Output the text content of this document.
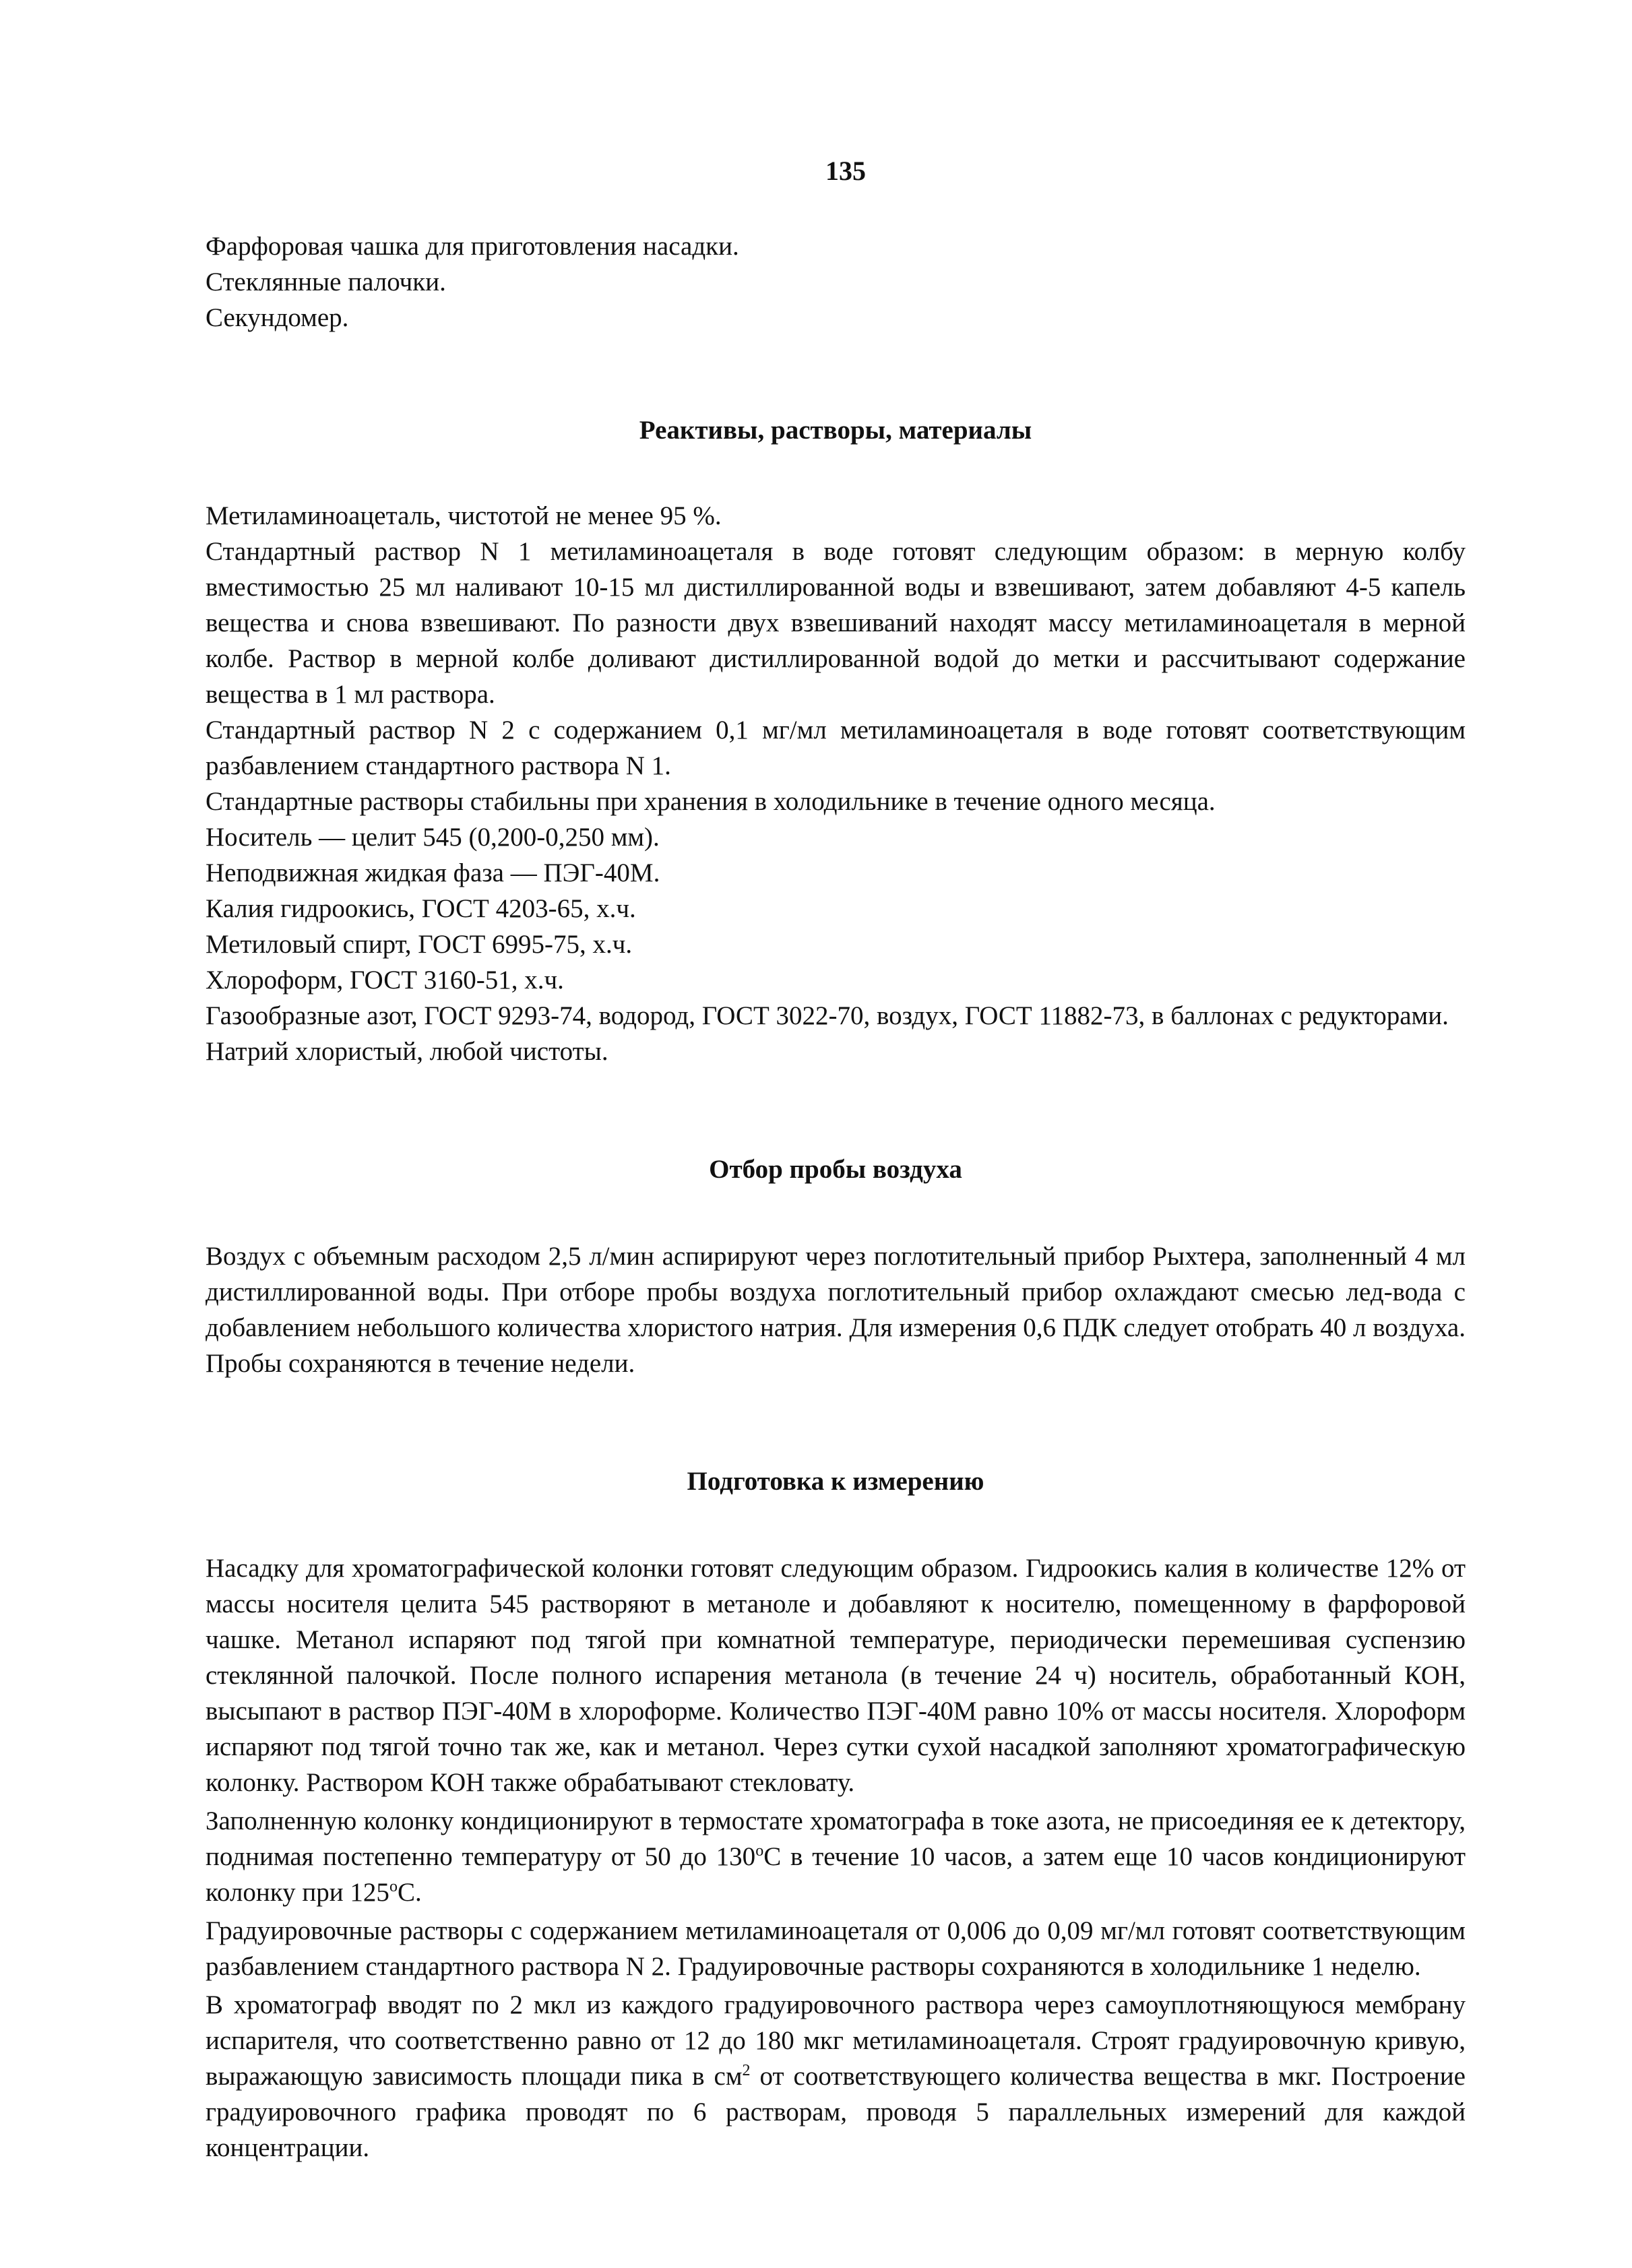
135

Фарфоровая чашка для приготовления насадки.

Стеклянные палочки.

Секундомер.

Реактивы, растворы, материалы

Метиламиноацеталь, чистотой не менее 95 %.

Стандартный раствор N 1 метиламиноацеталя в воде готовят следующим образом: в мерную колбу вместимостью 25 мл наливают 10-15 мл дистиллированной воды и взвешивают, затем добавляют 4-5 капель вещества и снова взвешивают. По разности двух взвешиваний находят массу метиламиноацеталя в мерной колбе. Раствор в мерной колбе доливают дистиллированной водой до метки и рассчитывают содержание вещества в 1 мл раствора.

Стандартный раствор N 2 с содержанием 0,1 мг/мл метиламиноацеталя в воде готовят соответствующим разбавлением стандартного раствора N 1.

Стандартные растворы стабильны при хранения в холодильнике в течение одного месяца.

Носитель — целит 545 (0,200-0,250 мм).

Неподвижная жидкая фаза — ПЭГ-40М.

Калия гидроокись, ГОСТ 4203-65, х.ч.

Метиловый спирт, ГОСТ 6995-75, х.ч.

Хлороформ, ГОСТ 3160-51, х.ч.

Газообразные азот, ГОСТ 9293-74, водород, ГОСТ 3022-70, воздух, ГОСТ 11882-73, в баллонах с редукторами.

Натрий хлористый, любой чистоты.

Отбор пробы воздуха

Воздух с объемным расходом 2,5 л/мин аспирируют через поглотительный прибор Рыхтера, заполненный 4 мл дистиллированной воды. При отборе пробы воздуха поглотительный прибор охлаждают смесью лед-вода с добавлением небольшого количества хлористого натрия. Для измерения 0,6 ПДК следует отобрать 40 л воздуха. Пробы сохраняются в течение недели.

Подготовка к измерению

Насадку для хроматографической колонки готовят следующим образом. Гидроокись калия в количестве 12% от массы носителя целита 545 растворяют в метаноле и добавляют к носителю, помещенному в фарфоровой чашке. Метанол испаряют под тягой при комнатной температуре, периодически перемешивая суспензию стеклянной палочкой. После полного испарения метанола (в течение 24 ч) носитель, обработанный КОН, высыпают в раствор ПЭГ-40М в хлороформе. Количество ПЭГ-40М равно 10% от массы носителя. Хлороформ испаряют под тягой точно так же, как и метанол. Через сутки сухой насадкой заполняют хроматографическую колонку. Раствором КОН также обрабатывают стекловату.

Заполненную колонку кондиционируют в термостате хроматографа в токе азота, не присоединяя ее к детектору, поднимая постепенно температуру от 50 до $130^оС$ в течение 10 часов, а затем еще 10 часов кондиционируют колонку при $125^оС$.

Градуировочные растворы с содержанием метиламиноацеталя от 0,006 до 0,09 мг/мл готовят соответствующим разбавлением стандартного раствора N 2. Градуировочные растворы сохраняются в холодильнике 1 неделю.

В хроматограф вводят по 2 мкл из каждого градуировочного раствора через самоуплотняющуюся мембрану испарителя, что соответственно равно от 12 до 180 мкг метиламиноацеталя. Строят градуировочную кривую, выражающую зависимость площади пика в $см^2$ от соответствующего количества вещества в мкг. Построение градуировочного графика проводят по 6 растворам, проводя 5 параллельных измерений для каждой концентрации.
